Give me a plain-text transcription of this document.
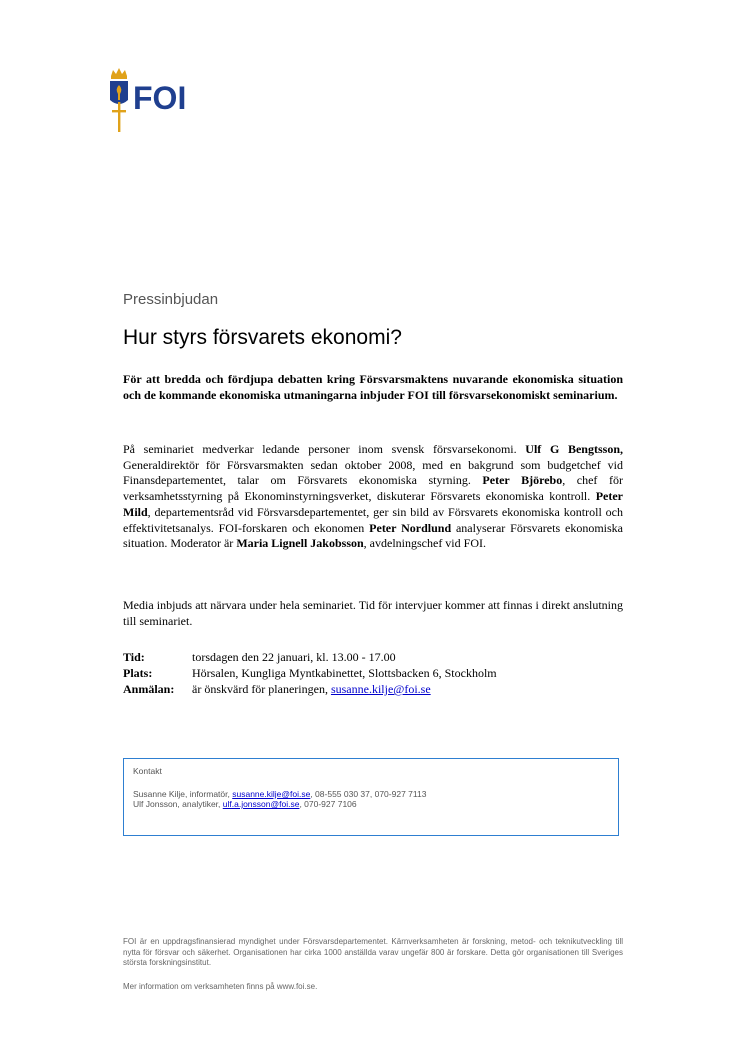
FOI
Pressinbjudan
Hur styrs försvarets ekonomi?

För att bredda och fördjupa debatten kring Försvarsmaktens nuvarande ekonomiska situation och de kommande ekonomiska utmaningarna inbjuder FOI till försvarsekonomiskt seminarium.

På seminariet medverkar ledande personer inom svensk försvarsekonomi. Ulf G Bengtsson, Generaldirektör för Försvarsmakten sedan oktober 2008, med en bakgrund som budgetchef vid Finansdepartementet, talar om Försvarets ekonomiska styrning. Peter Björebo, chef för verksamhetsstyrning på Ekonominstyrningsverket, diskuterar Försvarets ekonomiska kontroll. Peter Mild, departementsråd vid Försvarsdepartementet, ger sin bild av Försvarets ekonomiska kontroll och effektivitetsanalys. FOI-forskaren och ekonomen Peter Nordlund analyserar Försvarets ekonomiska situation. Moderator är Maria Lignell Jakobsson, avdelningschef vid FOI.

Media inbjuds att närvara under hela seminariet. Tid för intervjuer kommer att finnas i direkt anslutning till seminariet.

Tid:	torsdagen den 22 januari, kl. 13.00 - 17.00
Plats:	Hörsalen, Kungliga Myntkabinettet, Slottsbacken 6, Stockholm
Anmälan:	är önskvärd för planeringen, susanne.kilje@foi.se
Kontakt
Susanne Kilje, informatör, susanne.kilje@foi.se, 08-555 030 37, 070-927 7113
Ulf Jonsson, analytiker, ulf.a.jonsson@foi.se, 070-927 7106

FOI är en uppdragsfinansierad myndighet under Försvarsdepartementet. Kärnverksamheten är forskning, metod- och teknikutveckling till nytta för försvar och säkerhet. Organisationen har cirka 1000 anställda varav ungefär 800 är forskare. Detta gör organisationen till Sveriges största forskningsinstitut.

Mer information om verksamheten finns på www.foi.se.
